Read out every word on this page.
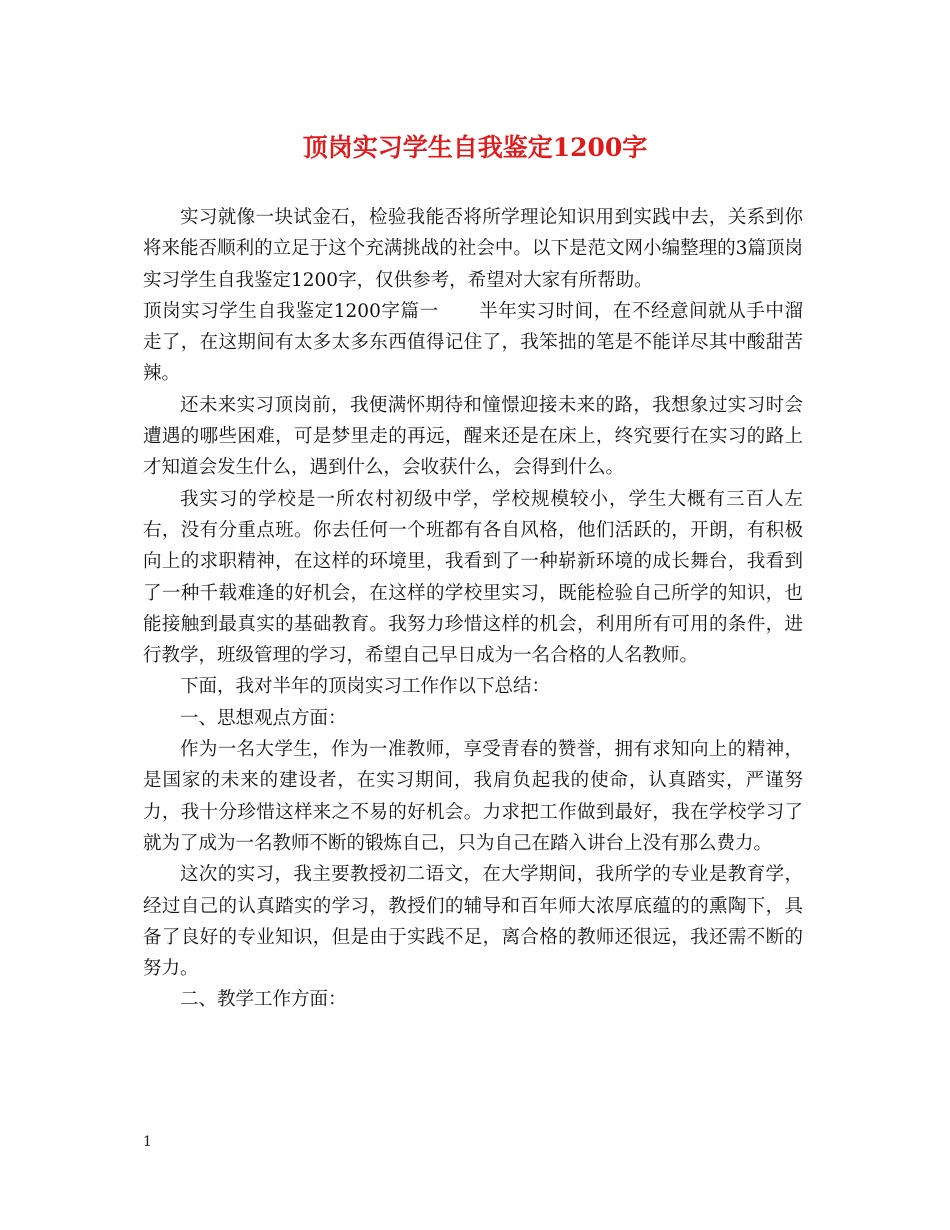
顶岗实习学生自我鉴定1200字

实习就像一块试金石，检验我能否将所学理论知识用到实践中去，关系到你将来能否顺利的立足于这个充满挑战的社会中。以下是范文网小编整理的3篇顶岗实习学生自我鉴定1200字，仅供参考，希望对大家有所帮助。

顶岗实习学生自我鉴定1200字篇一 半年实习时间，在不经意间就从手中溜走了，在这期间有太多太多东西值得记住了，我笨拙的笔是不能详尽其中酸甜苦辣。

还未来实习顶岗前，我便满怀期待和憧憬迎接未来的路，我想象过实习时会遭遇的哪些困难，可是梦里走的再远，醒来还是在床上，终究要行在实习的路上才知道会发生什么，遇到什么，会收获什么，会得到什么。

我实习的学校是一所农村初级中学，学校规模较小，学生大概有三百人左右，没有分重点班。你去任何一个班都有各自风格，他们活跃的，开朗，有积极向上的求职精神，在这样的环境里，我看到了一种崭新环境的成长舞台，我看到了一种千载难逢的好机会，在这样的学校里实习，既能检验自己所学的知识，也能接触到最真实的基础教育。我努力珍惜这样的机会，利用所有可用的条件，进行教学，班级管理的学习，希望自己早日成为一名合格的人名教师。

下面，我对半年的顶岗实习工作作以下总结：

一、思想观点方面：

作为一名大学生，作为一准教师，享受青春的赞誉，拥有求知向上的精神，是国家的未来的建设者，在实习期间，我肩负起我的使命，认真踏实，严谨努力，我十分珍惜这样来之不易的好机会。力求把工作做到最好，我在学校学习了就为了成为一名教师不断的锻炼自己，只为自己在踏入讲台上没有那么费力。

这次的实习，我主要教授初二语文，在大学期间，我所学的专业是教育学，经过自己的认真踏实的学习，教授们的辅导和百年师大浓厚底蕴的的熏陶下，具备了良好的专业知识，但是由于实践不足，离合格的教师还很远，我还需不断的努力。

二、教学工作方面：

1
